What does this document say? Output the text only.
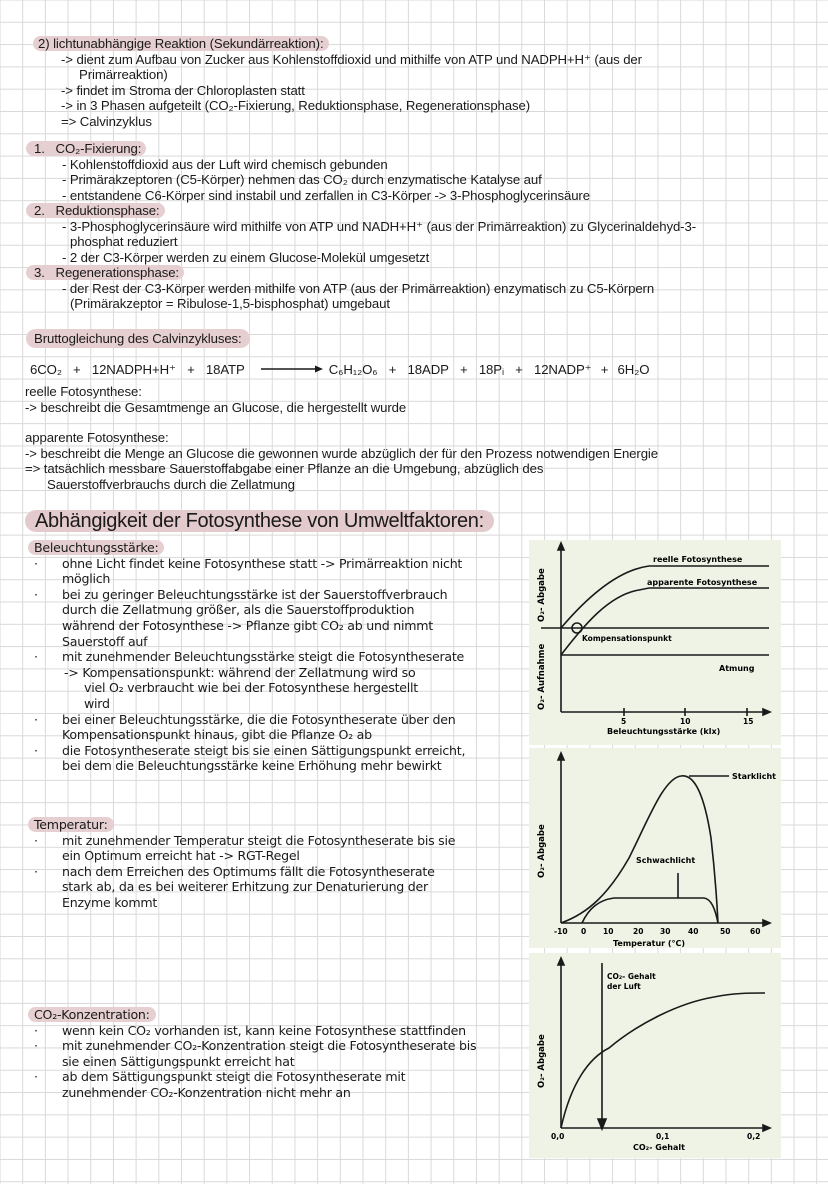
2) lichtunabhängige Reaktion (Sekundärreaktion):
-> dient zum Aufbau von Zucker aus Kohlenstoffdioxid und mithilfe von ATP und NADPH+H⁺ (aus der
Primärreaktion)
-> findet im Stroma der Chloroplasten statt
-> in 3 Phasen aufgeteilt (CO₂-Fixierung, Reduktionsphase, Regenerationsphase)
=> Calvinzyklus
1. CO₂-Fixierung:
- Kohlenstoffdioxid aus der Luft wird chemisch gebunden
- Primärakzeptoren (C5-Körper) nehmen das CO₂ durch enzymatische Katalyse auf
- entstandene C6-Körper sind instabil und zerfallen in C3-Körper -> 3-Phosphoglycerinsäure
2. Reduktionsphase:
- 3-Phosphoglycerinsäure wird mithilfe von ATP und NADH+H⁺ (aus der Primärreaktion) zu Glycerinaldehyd-3-
phosphat reduziert
- 2 der C3-Körper werden zu einem Glucose-Molekül umgesetzt
3. Regenerationsphase:
- der Rest der C3-Körper werden mithilfe von ATP (aus der Primärreaktion) enzymatisch zu C5-Körpern
(Primärakzeptor = Ribulose-1,5-bisphosphat) umgebaut
Bruttogleichung des Calvinzykluses:
6CO₂ + 12NADPH+H⁺ + 18ATP	C₆H₁₂O₆ + 18ADP + 18Pᵢ + 12NADP⁺ + 6H₂O
reelle Fotosynthese:
-> beschreibt die Gesamtmenge an Glucose, die hergestellt wurde
apparente Fotosynthese:
-> beschreibt die Menge an Glucose die gewonnen wurde abzüglich der für den Prozess notwendigen Energie
=> tatsächlich messbare Sauerstoffabgabe einer Pflanze an die Umgebung, abzüglich des
Sauerstoffverbrauchs durch die Zellatmung
Abhängigkeit der Fotosynthese von Umweltfaktoren:
Beleuchtungsstärke:
·	ohne Licht findet keine Fotosynthese statt -> Primärreaktion nicht
möglich
·	bei zu geringer Beleuchtungsstärke ist der Sauerstoffverbrauch
durch die Zellatmung größer, als die Sauerstoffproduktion
während der Fotosynthese -> Pflanze gibt CO₂ ab und nimmt
Sauerstoff auf
·	mit zunehmender Beleuchtungsstärke steigt die Fotosyntheserate
-> Kompensationspunkt: während der Zellatmung wird so
viel O₂ verbraucht wie bei der Fotosynthese hergestellt
wird
·	bei einer Beleuchtungsstärke, die die Fotosyntheserate über den
Kompensationspunkt hinaus, gibt die Pflanze O₂ ab
·	die Fotosyntheserate steigt bis sie einen Sättigungspunkt erreicht,
bei dem die Beleuchtungsstärke keine Erhöhung mehr bewirkt
Temperatur:
·	mit zunehmender Temperatur steigt die Fotosyntheserate bis sie
ein Optimum erreicht hat -> RGT-Regel
·	nach dem Erreichen des Optimums fällt die Fotosyntheserate
stark ab, da es bei weiterer Erhitzung zur Denaturierung der
Enzyme kommt
CO₂-Konzentration:
·	wenn kein CO₂ vorhanden ist, kann keine Fotosynthese stattfinden
·	mit zunehmender CO₂-Konzentration steigt die Fotosyntheserate bis
sie einen Sättigungspunkt erreicht hat
·	ab dem Sättigungspunkt steigt die Fotosyntheserate mit
zunehmender CO₂-Konzentration nicht mehr an
reelle Fotosynthese
apparente Fotosynthese
Kompensationspunkt
Atmung
5	10	15
Beleuchtungsstärke (klx)
O₂- Abgabe
O₂- Aufnahme
Starklicht
Schwachlicht
-10 0 10	20 30 40	50	60
Temperatur (°C)
O₂- Abgabe
CO₂- Gehalt der Luft
0,0	0,1	0,2
CO₂- Gehalt
O₂- Abgabe
